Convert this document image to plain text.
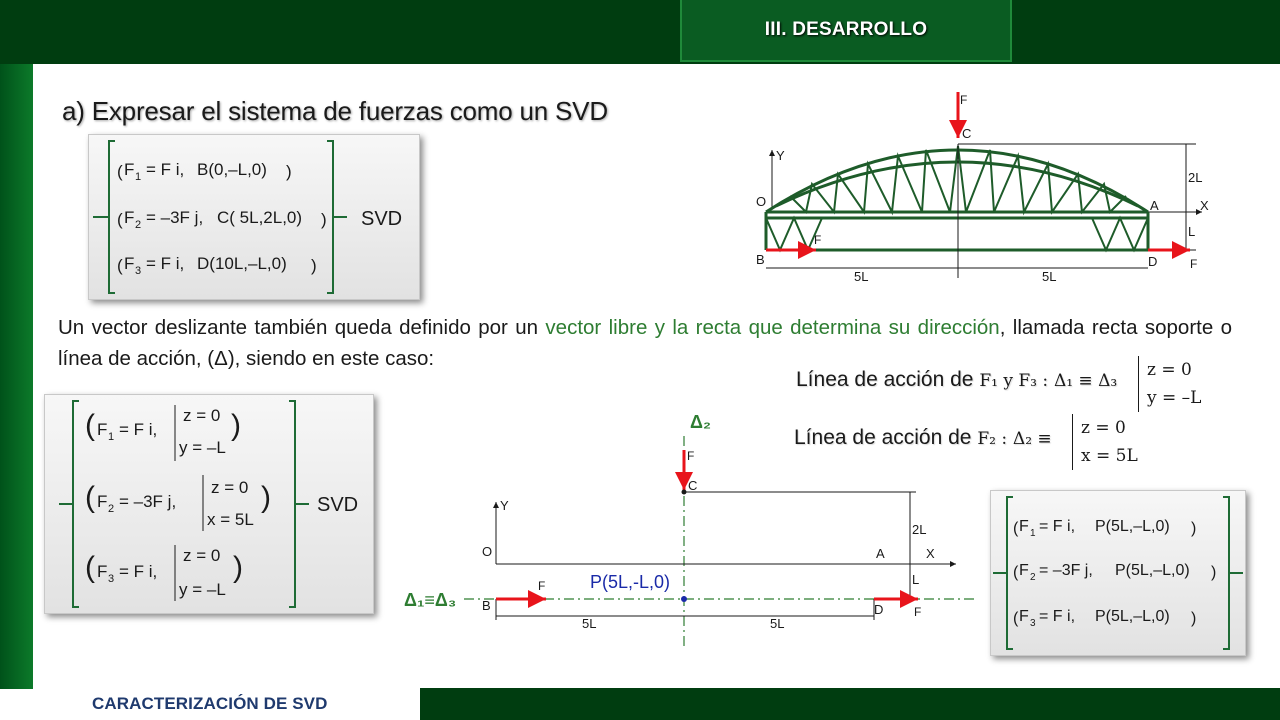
III. DESARROLLO
CARACTERIZACIÓN DE SVD
a) Expresar el sistema de fuerzas como un SVD
( F 1 = F i, B(0,–L,0) )
( F 2 = –3F j, C( 5L,2L,0) )
( F 3 = F i, D(10L,–L,0) )
SVD
Un vector deslizante también queda definido por un vector libre y la recta que determina su dirección, llamada recta soporte o línea de acción, (Δ), siendo en este caso:
( F 1 = F i,
z = 0
y = –L
)
( F 2 = –3F j,
z = 0
x = 5L
)
( F 3 = F i,
z = 0
y = –L
)
SVD
Y
X
O	A
B
C
D
2L
L
5L	5L
F
F
F
Línea de acción de F₁ y F₃ : Δ₁ ≡ Δ₃
z = 0
y = –L
Línea de acción de F₂ : Δ₂ ≡
z = 0
x = 5L
Δ₂
Δ₁≡Δ₃
P(5L,-L,0)
Y
X
O	A
B
C
D
2L
L
5L	5L
F
F
F
( F 1 = F i, P(5L,–L,0) )
( F 2 = –3F j, P(5L,–L,0) )
( F 3 = F i, P(5L,–L,0) )
